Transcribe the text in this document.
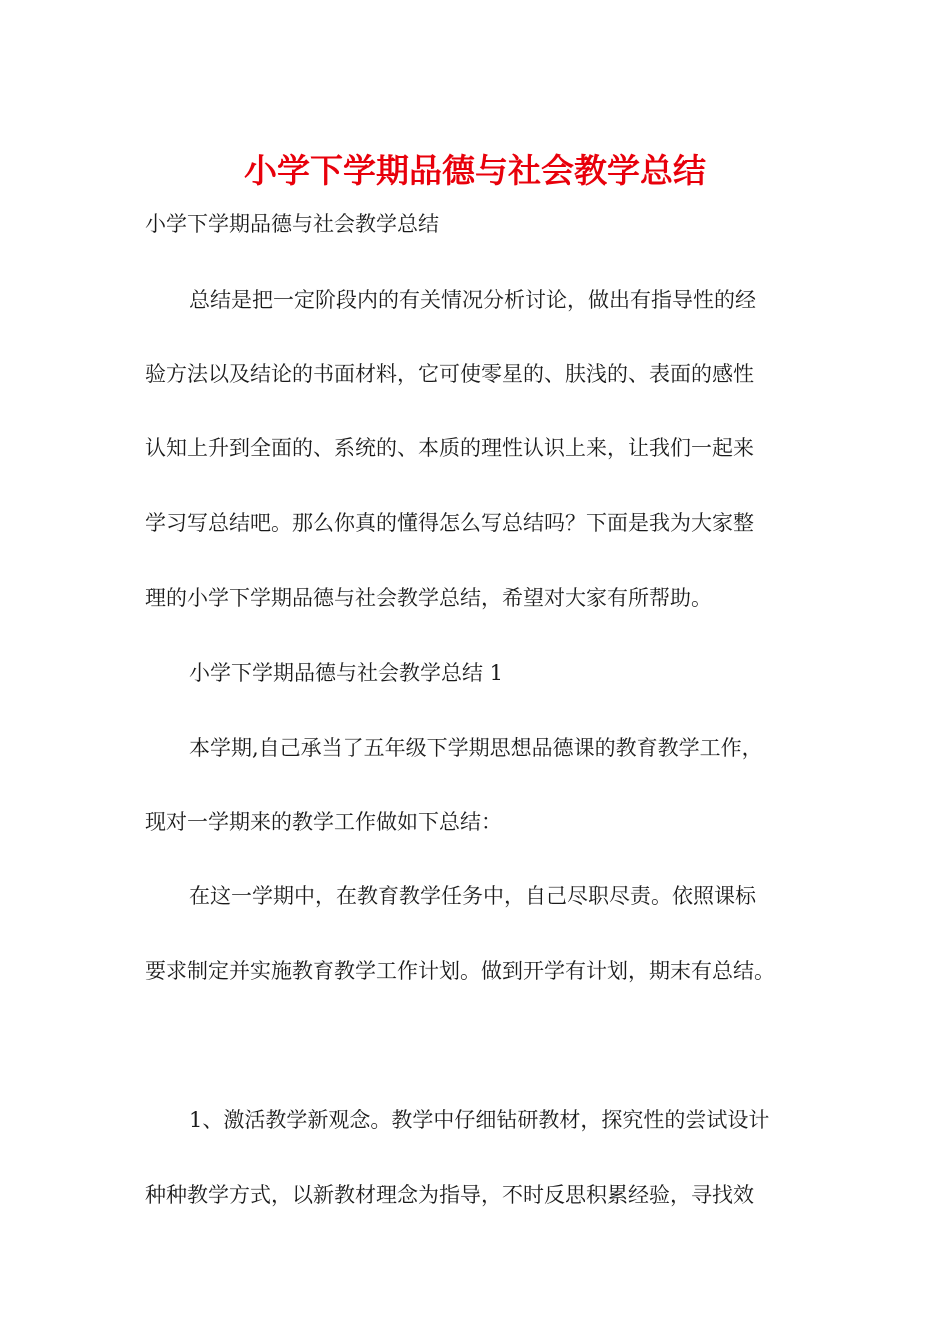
小学下学期品德与社会教学总结

小学下学期品德与社会教学总结

总结是把一定阶段内的有关情况分析讨论，做出有指导性的经

验方法以及结论的书面材料，它可使零星的、肤浅的、表面的感性

认知上升到全面的、系统的、本质的理性认识上来，让我们一起来

学习写总结吧。那么你真的懂得怎么写总结吗？下面是我为大家整

理的小学下学期品德与社会教学总结，希望对大家有所帮助。

小学下学期品德与社会教学总结 1

本学期,自己承当了五年级下学期思想品德课的教育教学工作，

现对一学期来的教学工作做如下总结：

在这一学期中，在教育教学任务中，自己尽职尽责。依照课标

要求制定并实施教育教学工作计划。做到开学有计划，期末有总结。

1、激活教学新观念。教学中仔细钻研教材，探究性的尝试设计

种种教学方式，以新教材理念为指导，不时反思积累经验，寻找效
